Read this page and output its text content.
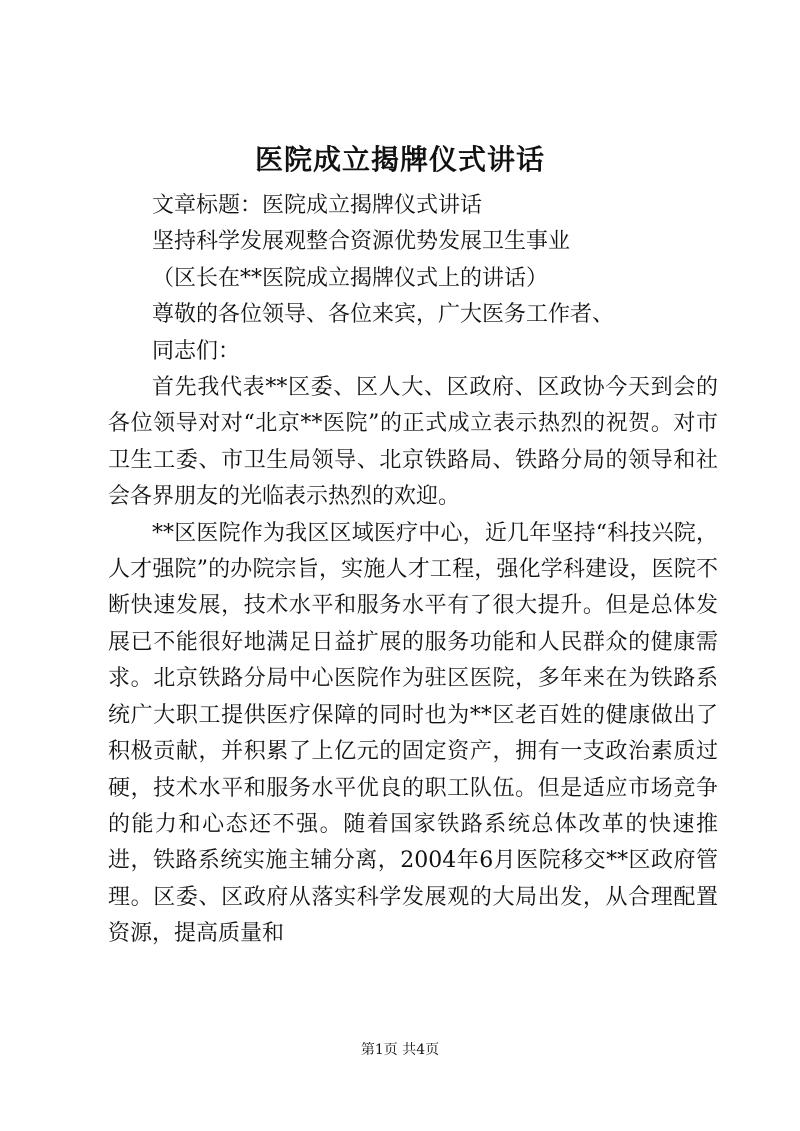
医院成立揭牌仪式讲话

文章标题：医院成立揭牌仪式讲话

坚持科学发展观整合资源优势发展卫生事业

（区长在**医院成立揭牌仪式上的讲话）

尊敬的各位领导、各位来宾，广大医务工作者、

同志们：

首先我代表**区委、区人大、区政府、区政协今天到会的各位领导对对“北京**医院”的正式成立表示热烈的祝贺。对市卫生工委、市卫生局领导、北京铁路局、铁路分局的领导和社会各界朋友的光临表示热烈的欢迎。

**区医院作为我区区域医疗中心，近几年坚持“科技兴院，人才强院”的办院宗旨，实施人才工程，强化学科建设，医院不断快速发展，技术水平和服务水平有了很大提升。但是总体发展已不能很好地满足日益扩展的服务功能和人民群众的健康需求。北京铁路分局中心医院作为驻区医院，多年来在为铁路系统广大职工提供医疗保障的同时也为**区老百姓的健康做出了积极贡献，并积累了上亿元的固定资产，拥有一支政治素质过硬，技术水平和服务水平优良的职工队伍。但是适应市场竞争的能力和心态还不强。随着国家铁路系统总体改革的快速推进，铁路系统实施主辅分离，2004年6月医院移交**区政府管理。区委、区政府从落实科学发展观的大局出发，从合理配置资源，提高质量和

第1页 共4页
